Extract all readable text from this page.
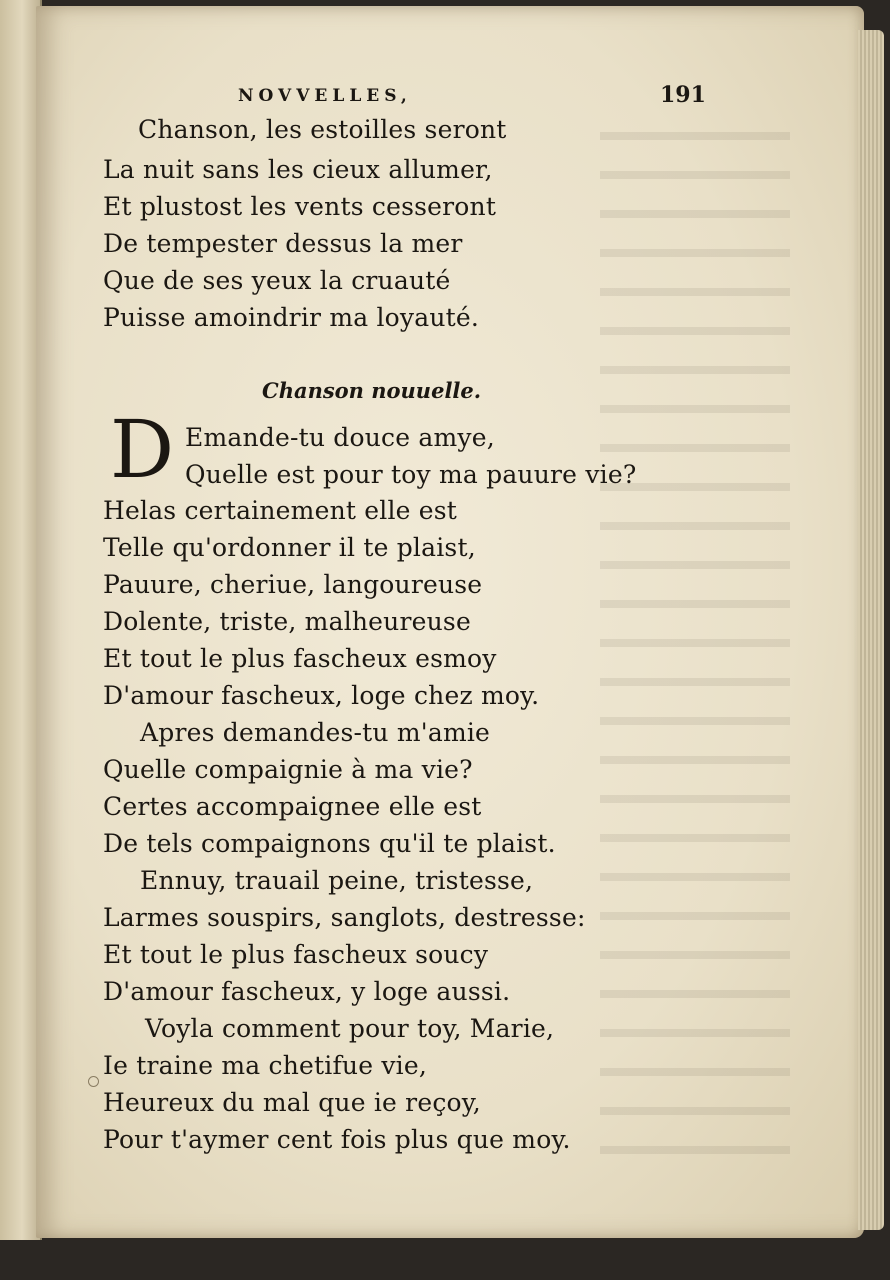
NOVVELLES,	191
Chanson, les estoilles seront
La nuit sans les cieux allumer,
Et plustost les vents cesseront
De tempester dessus la mer
Que de ses yeux la cruauté
Puisse amoindrir ma loyauté.
Chanson nouuelle.
D Emande-tu douce amye,
Quelle est pour toy ma pauure vie?
Helas certainement elle est
Telle qu'ordonner il te plaist,
Pauure, cheriue, langoureuse
Dolente, triste, malheureuse
Et tout le plus fascheux esmoy
D'amour fascheux, loge chez moy.
Apres demandes-tu m'amie
Quelle compaignie à ma vie?
Certes accompaignee elle est
De tels compaignons qu'il te plaist.
Ennuy, trauail peine, tristesse,
Larmes souspirs, sanglots, destresse:
Et tout le plus fascheux soucy
D'amour fascheux, y loge aussi.
Voyla comment pour toy, Marie,
Ie traine ma chetifue vie,
Heureux du mal que ie reçoy,
Pour t'aymer cent fois plus que moy.
